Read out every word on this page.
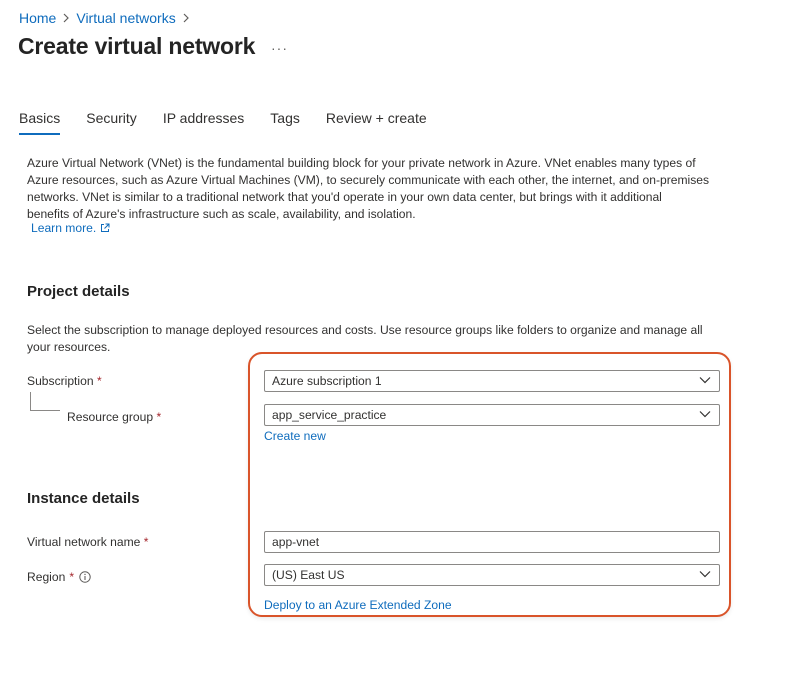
Home Virtual networks
Create virtual network ···
Basics Security IP addresses Tags Review + create
Azure Virtual Network (VNet) is the fundamental building block for your private network in Azure. VNet enables many types of
Azure resources, such as Azure Virtual Machines (VM), to securely communicate with each other, the internet, and on-premises
networks. VNet is similar to a traditional network that you'd operate in your own data center, but brings with it additional
benefits of Azure's infrastructure such as scale, availability, and isolation.
Learn more.
Project details
Select the subscription to manage deployed resources and costs. Use resource groups like folders to organize and manage all
your resources.
Subscription *
Resource group *
Azure subscription 1
app_service_practice
Create new
Instance details
Virtual network name *	app-vnet
Region *	(US) East US
Deploy to an Azure Extended Zone
